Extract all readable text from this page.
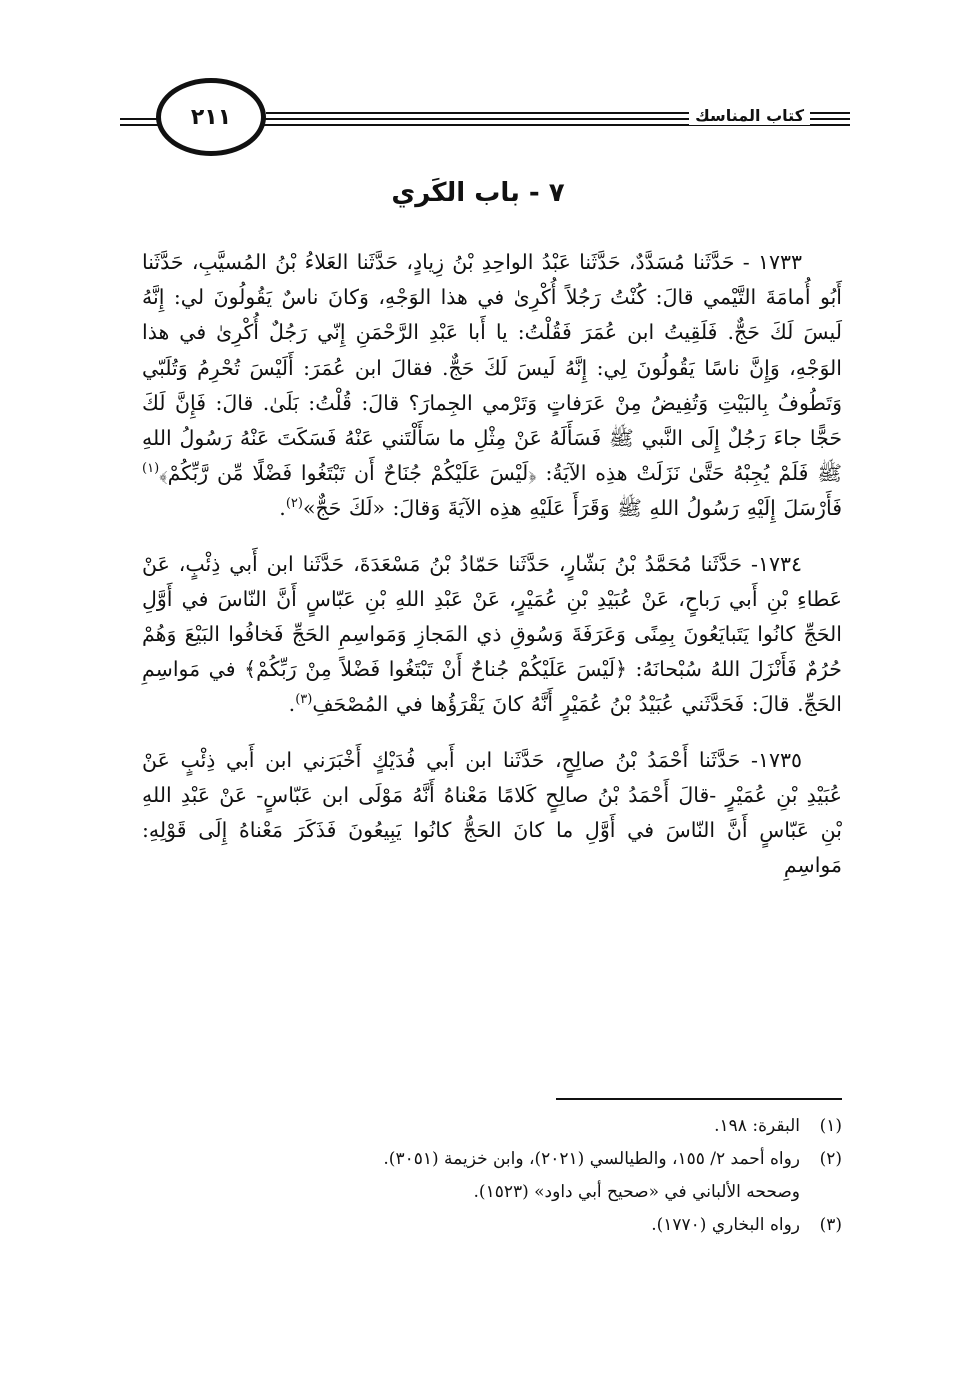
٢١١	كتاب المناسك
٧ - باب الكَري

١٧٣٣ - حَدَّثَنا مُسَدَّدٌ، حَدَّثَنا عَبْدُ الواحِدِ بْنُ زِيادٍ، حَدَّثَنا العَلاءُ بْنُ المُسيَّبِ، حَدَّثَنا أَبُو أُمامَةَ التَّيْمي قالَ: كُنْتُ رَجُلاً أُكْرِىٰ في هذا الوَجْهِ، وَكانَ ناسٌ يَقُولُونَ لي: إِنَّهُ لَيسَ لَكَ حَجٌّ. فَلَقِيتُ ابن عُمَرَ فَقُلْتُ: يا أَبا عَبْدِ الرَّحْمَنِ إِنّي رَجُلٌ أُكْرِىٰ في هذا الوَجْهِ، وَإِنَّ ناسًا يَقُولُونَ لِي: إِنَّهُ لَيسَ لَكَ حَجٌّ. فقالَ ابن عُمَرَ: أَلَيْسَ تُحْرِمُ وَتُلَبّي وَتَطُوفُ بِالبَيْتِ وَتُفِيضُ مِنْ عَرَفاتٍ وَتَرْمي الجِمارَ؟ قالَ: قُلْتُ: بَلَىٰ. قالَ: فَإِنَّ لَكَ حَجًّا جاءَ رَجُلٌ إِلَى النَّبي ﷺ فَسَأَلَهُ عَنْ مِثْلِ ما سَأَلْتَني عَنْهُ فَسَكَتَ عَنْهُ رَسُولُ اللهِ ﷺ فَلَمْ يُجِبْهُ حَتَّىٰ نَزَلَتْ هذِه الآيَةُ: ﴿لَيْسَ عَلَيْكُمْ جُنَاحٌ أَن تَبْتَغُوا فَضْلًا مِّن رَّبِّكُمْ﴾$^{(١)}$ فَأَرْسَلَ إِلَيْهِ رَسُولُ اللهِ ﷺ وَقَرَأَ عَلَيْهِ هذِه الآيَةَ وَقالَ: «لَكَ حَجٌّ»$^{(٢)}$.

١٧٣٤- حَدَّثَنا مُحَمَّدُ بْنُ بَشّارٍ، حَدَّثَنا حَمّادُ بْنُ مَسْعَدَةَ، حَدَّثَنا ابن أَبي ذِئْبٍ، عَنْ عَطاءِ بْنِ أَبي رَباحٍ، عَنْ عُبَيْدِ بْنِ عُمَيْرٍ، عَنْ عَبْدِ اللهِ بْنِ عَبّاسٍ أَنَّ النّاسَ في أَوَّلِ الحَجِّ كانُوا يَتَبايَعُونَ بِمِنًى وَعَرَفَةَ وَسُوقِ ذي المَجازِ وَمَواسِمِ الحَجِّ فَخافُوا البَيْعَ وَهُمْ حُرُمٌ فَأَنْزَلَ اللهُ سُبْحانَهُ: ﴿لَيْسَ عَلَيْكُمْ جُناحٌ أَنْ تَبْتَغُوا فَضْلاً مِنْ رَبِّكُمْ﴾ في مَواسِمِ الحَجِّ. قالَ: فَحَدَّثَني عُبَيْدُ بْنُ عُمَيْرٍ أَنَّهُ كانَ يَقْرَؤُها في المُصْحَفِ$^{(٣)}$.

١٧٣٥- حَدَّثَنا أَحْمَدُ بْنُ صالِحٍ، حَدَّثَنا ابن أَبي فُدَيْكٍ أَخْبَرَني ابن أَبي ذِئْبٍ عَنْ عُبَيْدِ بْنِ عُمَيْرٍ -قالَ أَحْمَدُ بْنُ صالِحٍ كَلامًا مَعْناهُ أَنَّهُ مَوْلَى ابن عَبّاسٍ- عَنْ عَبْدِ اللهِ بْنِ عَبّاسٍ أَنَّ النّاسَ في أَوَّلِ ما كانَ الحَجُّ كانُوا يَبِيعُونَ فَذَكَرَ مَعْناهُ إِلَى قَوْلِهِ: مَواسِمِ

(١)البقرة: ١٩٨.

(٢)رواه أحمد ٢/ ١٥٥، والطيالسي (٢٠٢١)، وابن خزيمة (٣٠٥١).

وصححه الألباني في «صحيح أبي داود» (١٥٢٣).

(٣)رواه البخاري (١٧٧٠).
